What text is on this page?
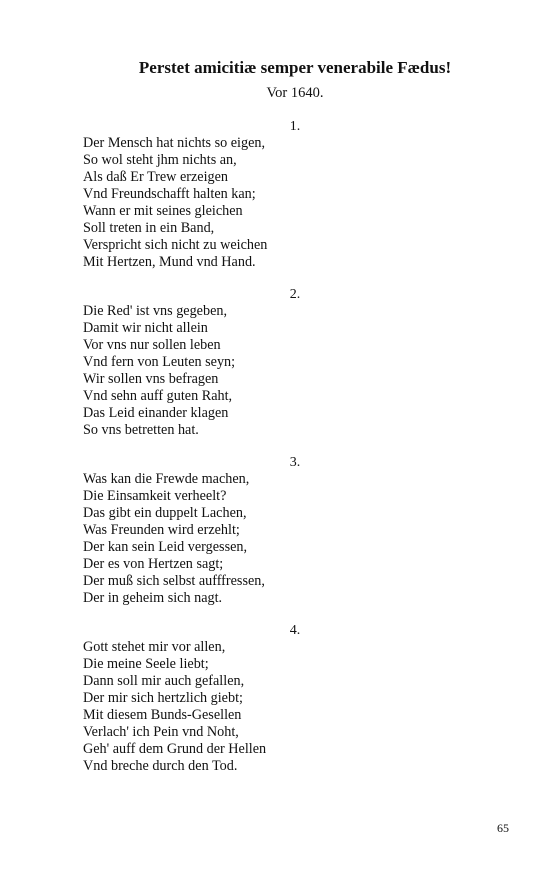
Perstet amicitiæ semper venerabile Fædus!
Vor 1640.
1.
Der Mensch hat nichts so eigen,
So wol steht jhm nichts an,
Als daß Er Trew erzeigen
Vnd Freundschafft halten kan;
Wann er mit seines gleichen
Soll treten in ein Band,
Verspricht sich nicht zu weichen
Mit Hertzen, Mund vnd Hand.
2.
Die Red' ist vns gegeben,
Damit wir nicht allein
Vor vns nur sollen leben
Vnd fern von Leuten seyn;
Wir sollen vns befragen
Vnd sehn auff guten Raht,
Das Leid einander klagen
So vns betretten hat.
3.
Was kan die Frewde machen,
Die Einsamkeit verheelt?
Das gibt ein duppelt Lachen,
Was Freunden wird erzehlt;
Der kan sein Leid vergessen,
Der es von Hertzen sagt;
Der muß sich selbst aufffressen,
Der in geheim sich nagt.
4.
Gott stehet mir vor allen,
Die meine Seele liebt;
Dann soll mir auch gefallen,
Der mir sich hertzlich giebt;
Mit diesem Bunds-Gesellen
Verlach' ich Pein vnd Noht,
Geh' auff dem Grund der Hellen
Vnd breche durch den Tod.
65
